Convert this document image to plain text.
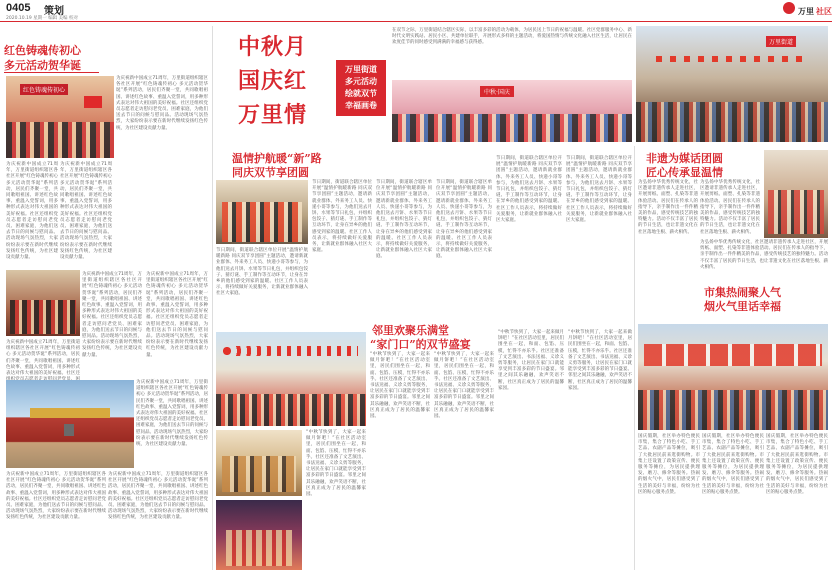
0405 策划
2020.10.19 星期一 编辑 美编 校对
万里 社区
红色铸魂传初心
多元活动贺华诞
红色铸魂传初心
为庆祝新中国成立71周年，万里街道组织辖区各社区开展“红色铸魂传初心 多元活动贺华诞”系列活动，居民们齐聚一堂，共同歌唱祖国、讲述红色故事、重温入党誓词，用多种形式表达对伟大祖国的美好祝福。社区还组织党员志愿者走访慰问老党员、困难家庭，为他们送去节日的问候与慰问品。活动现场气氛热烈，大家纷纷表示要在新时代继续发扬红色传统，为社区建设贡献力量。
为庆祝新中国成立71周年，万里街道组织辖区各社区开展“红色铸魂传初心 多元活动贺华诞”系列活动，居民们齐聚一堂，共同歌唱祖国、讲述红色故事、重温入党誓词，用多种形式表达对伟大祖国的美好祝福。社区还组织党员志愿者走访慰问老党员、困难家庭，为他们送去节日的问候与慰问品。活动现场气氛热烈，大家纷纷表示要在新时代继续发扬红色传统，为社区建设贡献力量。
为庆祝新中国成立71周年，万里街道组织辖区各社区开展“红色铸魂传初心 多元活动贺华诞”系列活动，居民们齐聚一堂，共同歌唱祖国、讲述红色故事、重温入党誓词，用多种形式表达对伟大祖国的美好祝福。社区还组织党员志愿者走访慰问老党员、困难家庭，为他们送去节日的问候与慰问品。活动现场气氛热烈，大家纷纷表示要在新时代继续发扬红色传统，为社区建设贡献力量。
为庆祝新中国成立71周年，万里街道组织辖区各社区开展“红色铸魂传初心 多元活动贺华诞”系列活动，居民们齐聚一堂，共同歌唱祖国、讲述红色故事、重温入党誓词，用多种形式表达对伟大祖国的美好祝福。社区还组织党员志愿者走访慰问老党员、困难家庭，为他们送去节日的问候与慰问品。活动现场气氛热烈，大家纷纷表示要在新时代继续发扬红色传统，为社区建设贡献力量。
为庆祝新中国成立71周年，万里街道组织辖区各社区开展“红色铸魂传初心 多元活动贺华诞”系列活动，居民们齐聚一堂，共同歌唱祖国、讲述红色故事、重温入党誓词，用多种形式表达对伟大祖国的美好祝福。社区还组织党员志愿者走访慰问老党员、困难家庭，为他们送去节日的问候与慰问品。活动现场气氛热烈，大家纷纷表示要在新时代继续发扬红色传统，为社区建设贡献力量。
为庆祝新中国成立71周年，万里街道组织辖区各社区开展“红色铸魂传初心 多元活动贺华诞”系列活动，居民们齐聚一堂，共同歌唱祖国、讲述红色故事、重温入党誓词，用多种形式表达对伟大祖国的美好祝福。社区还
为庆祝新中国成立71周年，万里街道组织辖区各社区开展“红色铸魂传初心 多元活动贺华诞”系列活动，居民们齐聚一堂，共同歌唱祖国、讲述红色故事、重温入党誓词，用多种形式表达对伟大祖国的美好祝福。社区还组织党员志愿者走访慰问老党员、困难家庭，为他们送去节日的问候与慰问品。活动现场气氛热烈，大家纷纷表示要在新时代继续发扬红色传统，为社区建设贡献力量。
为庆祝新中国成立71周年，万里街道组织辖区各社区开展“红色铸魂传初心 多元活动贺华诞”系列活动，居民们齐聚一堂，共同歌唱祖国、讲述红色故事、重温入党誓词，用多种形式表达对伟大祖国的美好祝福。社区还组织党员志愿者走访慰问老党员、困难家庭，为他们送去节日的问候与慰问品。活动现场气氛热烈，大家纷纷表示要在新时代继续发扬红色传统，为社区建设贡献力量。
为庆祝新中国成立71周年，万里街道组织辖区各社区开展“红色铸魂传初心 多元活动贺华诞”系列活动，居民们齐聚一堂，共同歌唱祖国、讲述红色故事、重温入党誓词，用多种形式表达对伟大祖国的美好祝福。社区还组织党员志愿者走访慰问老党员、困难家庭，为他们送去节日的问候与慰问品。活动现场气氛热烈，大家纷纷表示要在新时代继续发扬红色传统，为社区建设贡献力量。
中秋月
国庆红
万里情
万里街道
多元活动
绘就双节
幸福画卷
在双节之际，万里街道结合辖区实际，以丰富多彩的活动为载体，为居民送上节日的祝福与温暖。社区党群服务中心、新时代文明实践站、居民小区、共建单位联手，开展形式多样的主题活动，将爱国热情与传统文化融入社区生活，让居民在欢度佳节的同时感受到满满的幸福感与获得感。
中秋·国庆
万里街道
温情护航暖“新”路
同庆双节享团圆
节日期间，街道联合辖区单位开展“温情护航暖新路 同庆双节享团圆”主题活动，邀请新就业群体、外来务工人员、快递小哥等参与，为他们送去月饼、水果等节日礼包，并组织包饺子、猜灯谜、手工制作等互动环节，让身在异乡的他们感受到家的温暖。社区工作人员表示，将持续做好关爱服务，让新就业群体融入社区大家庭。
节日期间，街道联合辖区单位开展“温情护航暖新路 同庆双节享团圆”主题活动，邀请新就业群体、外来务工人员、快递小哥等参与，为他们送去月饼、水果等节日礼包，并组织包饺子、猜灯谜、手工制作等互动环节，让身在异乡的他们感受到家的温暖。社区工作人员表示，将持续做好关爱服务，让新就业群体融入社区大家庭。
节日期间，街道联合辖区单位开展“温情护航暖新路 同庆双节享团圆”主题活动，邀请新就业群体、外来务工人员、快递小哥等参与，为他们送去月饼、水果等节日礼包，并组织包饺子、猜灯谜、手工制作等互动环节，让身在异乡的他们感受到家的温暖。社区工作人员表示，将持续做好关爱服务，让新就业群体融入社区大家庭。
节日期间，街道联合辖区单位开展“温情护航暖新路 同庆双节享团圆”主题活动，邀请新就业群体、外来务工人员、快递小哥等参与，为他们送去月饼、水果等节日礼包，并组织包饺子、猜灯谜、手工制作等互动环节，让身在异乡的他们感受到家的温暖。社区工作人员表示，将持续做好关爱服务，让新就业群体融入社区大家庭。
节日期间，街道联合辖区单位开展“温情护航暖新路 同庆双节享团圆”主题活动，邀请新就业群体、外来务工人员、快递小哥等参与，为他们送去月饼、水果等节日礼包，并组织包饺子、猜灯谜、手工制作等互动环节，让身在异乡的他们感受到家的温暖。社区工作人员表示，将持续做好关爱服务，让新就业群体融入社区大家庭。
节日期间，街道联合辖区单位开展“温情护航暖新路 同庆双节享团圆”主题活动，邀请新就业群体、外来务工人员、快递小哥等参与，为他们送去月饼、水果等节日礼包，并组织包饺子、猜灯谜、手工制作等互动环节，让身在异乡的他们感受到家的温暖。社区工作人员表示，将持续做好关爱服务，让新就业群体融入社区大家庭。
邻里欢聚乐满堂
“家门口”的双节盛宴
“中秋节快到了，大家一起来做月饼吧！”在社区活动室里，居民们围坐在一起，和面、包馅、压模，忙得不亦乐乎。社区还准备了文艺演出、书法送福、义诊义剪等服务，让居民在家门口就能享受到丰富多彩的节日盛宴。邻里之间其乐融融，欢声笑语不断，社区真正成为了居民的温馨家园。
“中秋节快到了，大家一起来做月饼吧！”在社区活动室里，居民们围坐在一起，和面、包馅、压模，忙得不亦乐乎。社区还准备了文艺演出、书法送福、义诊义剪等服务，让居民在家门口就能享受到丰富多彩的节日盛宴。邻里之间其乐融融，欢声笑语不断，社区真正成为了居民的温馨家园。
“中秋节快到了，大家一起来做月饼吧！”在社区活动室里，居民们围坐在一起，和面、包馅、压模，忙得不亦乐乎。社区还准备了文艺演出、书法送福、义诊义剪等服务，让居民在家门口就能享受到丰富多彩的节日盛宴。邻里之间其乐融融，欢声笑语不断，社区真正成为了居民的温馨家园。
“中秋节快到了，大家一起来做月饼吧！”在社区活动室里，居民们围坐在一起，和面、包馅、压模，忙得不亦乐乎。社区还准备了文艺演出、书法送福、义诊义剪等服务，让居民在家门口就能享受到丰富多彩的节日盛宴。邻里之间其乐融融，欢声笑语不断，社区真正成为了居民的温馨家园。
“中秋节快到了，大家一起来做月饼吧！”在社区活动室里，居民们围坐在一起，和面、包馅、压模，忙得不亦乐乎。社区还准备了文艺演出、书法送福、义诊义剪等服务，让居民在家门口就能享受到丰富多彩的节日盛宴。邻里之间其乐融融，欢声笑语不断，社区真正成为了居民的温馨家园。
非遗为媒话团圆
匠心传承显温情
为弘扬中华优秀传统文化，社区邀请非遗传承人走进社区，开展剪纸、面塑、扎染等非遗体验活动。居民们在传承人的指导下，亲手制作出一件件精美的作品，感受传统技艺的独特魅力。活动不仅丰富了居民的节日生活，也让非遗文化在社区落地生根、薪火相传。
为弘扬中华优秀传统文化，社区邀请非遗传承人走进社区，开展剪纸、面塑、扎染等非遗体验活动。居民们在传承人的指导下，亲手制作出一件件精美的作品，感受传统技艺的独特魅力。活动不仅丰富了居民的节日生活，也让非遗文化在社区落地生根、薪火相传。
为弘扬中华优秀传统文化，社区邀请非遗传承人走进社区，开展剪纸、面塑、扎染等非遗体验活动。居民们在传承人的指导下，亲手制作出一件件精美的作品，感受传统技艺的独特魅力。活动不仅丰富了居民的节日生活，也让非遗文化在社区落地生根、薪火相传。
市集热闹聚人气
烟火气里话幸福
国庆假期，社区举办特色便民市集，集合了特色小吃、手工艺品、农副产品等摊位，吸引了大批居民前来逛街购物。市集上还设置了政策宣传、便民服务等摊位，为居民提供理发、磨刀、修伞等服务。热闹的烟火气中，居民们感受到了生活的美好与幸福，纷纷为社区的贴心服务点赞。
国庆假期，社区举办特色便民市集，集合了特色小吃、手工艺品、农副产品等摊位，吸引了大批居民前来逛街购物。市集上还设置了政策宣传、便民服务等摊位，为居民提供理发、磨刀、修伞等服务。热闹的烟火气中，居民们感受到了生活的美好与幸福，纷纷为社区的贴心服务点赞。
国庆假期，社区举办特色便民市集，集合了特色小吃、手工艺品、农副产品等摊位，吸引了大批居民前来逛街购物。市集上还设置了政策宣传、便民服务等摊位，为居民提供理发、磨刀、修伞等服务。热闹的烟火气中，居民们感受到了生活的美好与幸福，纷纷为社区的贴心服务点赞。
